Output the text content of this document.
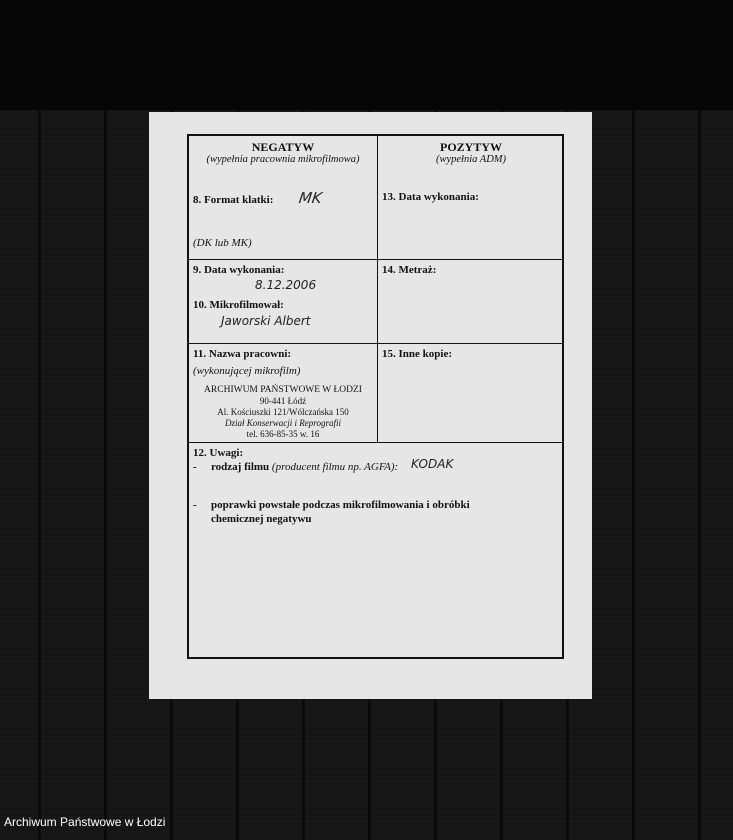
NEGATYW
(wypełnia pracownia mikrofilmowa)
POZYTYW
(wypełnia ADM)
8. Format klatki: MK
(DK lub MK)
13. Data wykonania:
9. Data wykonania:
8.12.2006
10. Mikrofilmował:
Jaworski Albert
14. Metraż:
11. Nazwa pracowni:
(wykonującej mikrofilm)
ARCHIWUM PAŃSTWOWE W ŁODZI
90-441 Łódź
Al. Kościuszki 121/Wólczańska 150
Dział Konserwacji i Reprografii
tel. 636-85-35 w. 16
15. Inne kopie:
12. Uwagi:
- rodzaj filmu (producent filmu np. AGFA): KODAK
- poprawki powstałe podczas mikrofilmowania i obróbki
chemicznej negatywu
Archiwum Państwowe w Łodzi
